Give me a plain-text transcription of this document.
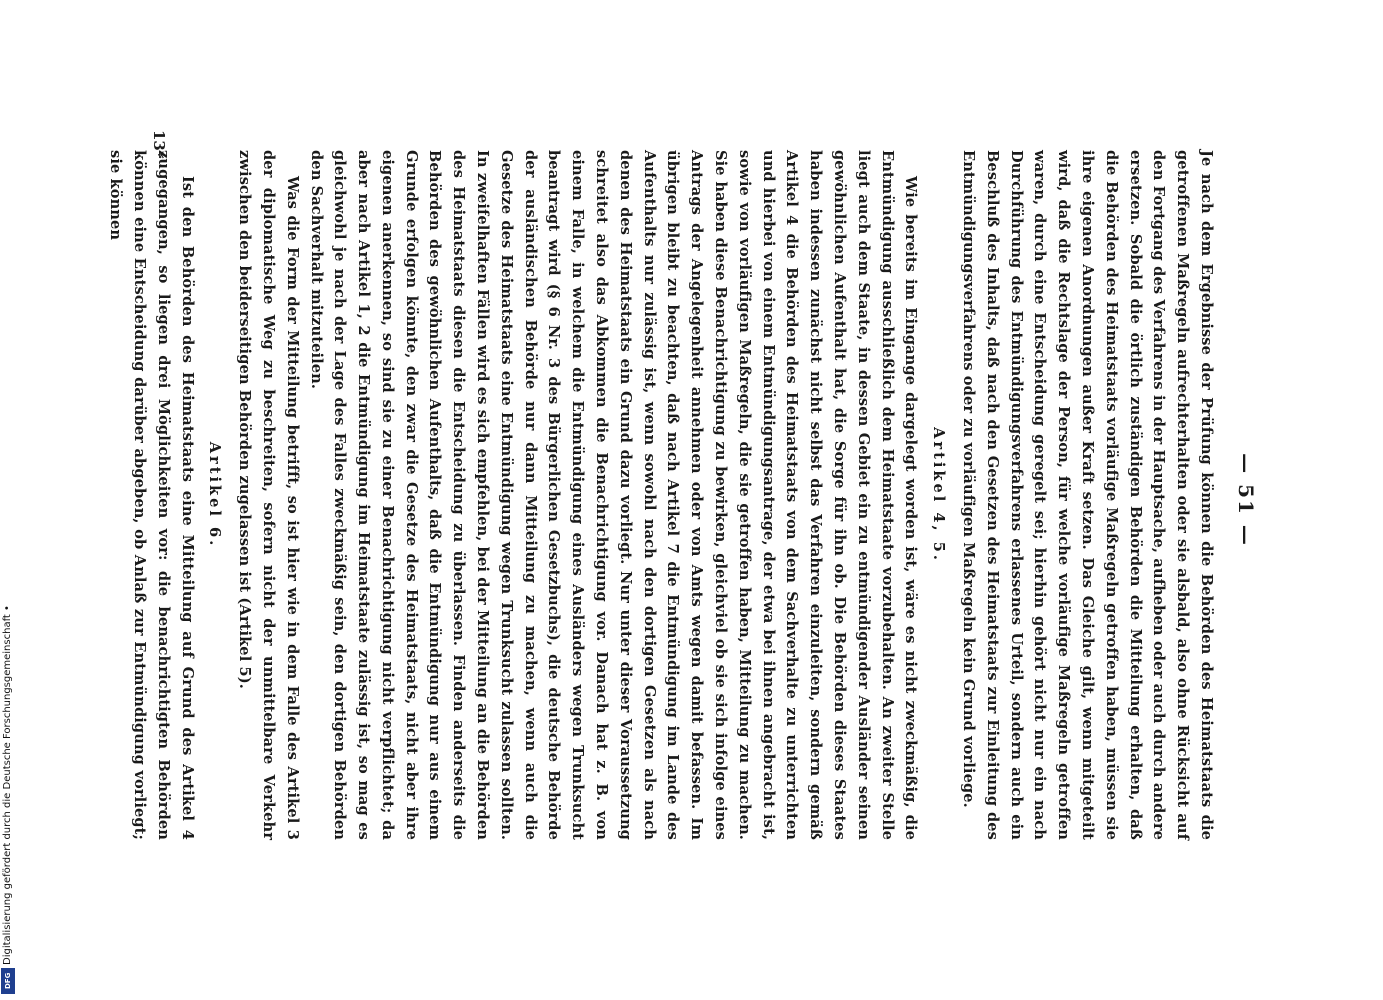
— 51 —

Je nach dem Ergebnisse der Prüfung können die Behörden des Heimatstaats die getroffenen Maßregeln aufrechterhalten oder sie alsbald, also ohne Rücksicht auf den Fortgang des Verfahrens in der Hauptsache, aufheben oder auch durch andere ersetzen. Sobald die örtlich zuständigen Behörden die Mitteilung erhalten, daß die Behörden des Heimatstaats vorläufige Maßregeln getroffen haben, müssen sie ihre eigenen Anordnungen außer Kraft setzen. Das Gleiche gilt, wenn mitgeteilt wird, daß die Rechtslage der Person, für welche vorläufige Maßregeln getroffen waren, durch eine Entscheidung geregelt sei; hierhin gehört nicht nur ein nach Durchführung des Entmündigungsverfahrens erlassenes Urteil, sondern auch ein Beschluß des Inhalts, daß nach den Gesetzen des Heimatstaats zur Einleitung des Entmündigungsverfahrens oder zu vorläufigen Maßregeln kein Grund vorliege.

Artikel 4, 5.

Wie bereits im Eingange dargelegt worden ist, wäre es nicht zweckmäßig, die Entmündigung ausschließlich dem Heimatstaate vorzubehalten. An zweiter Stelle liegt auch dem Staate, in dessen Gebiet ein zu entmündigender Ausländer seinen gewöhnlichen Aufenthalt hat, die Sorge für ihn ob. Die Behörden dieses Staates haben indessen zunächst nicht selbst das Verfahren einzuleiten, sondern gemäß Artikel 4 die Behörden des Heimatstaats von dem Sachverhalte zu unterrichten und hierbei von einem Entmündigungsantrage, der etwa bei ihnen angebracht ist, sowie von vorläufigen Maßregeln, die sie getroffen haben, Mitteilung zu machen. Sie haben diese Benachrichtigung zu bewirken, gleichviel ob sie sich infolge eines Antrags der Angelegenheit annehmen oder von Amts wegen damit befassen. Im übrigen bleibt zu beachten, daß nach Artikel 7 die Entmündigung im Lande des Aufenthalts nur zulässig ist, wenn sowohl nach den dortigen Gesetzen als nach denen des Heimatstaats ein Grund dazu vorliegt. Nur unter dieser Voraussetzung schreitet also das Abkommen die Benachrichtigung vor. Danach hat z. B. von einem Falle, in welchem die Entmündigung eines Ausländers wegen Trunksucht beantragt wird (§ 6 Nr. 3 des Bürgerlichen Gesetzbuchs), die deutsche Behörde der ausländischen Behörde nur dann Mitteilung zu machen, wenn auch die Gesetze des Heimatstaats eine Entmündigung wegen Trunksucht zulassen sollten. In zweifelhaften Fällen wird es sich empfehlen, bei der Mitteilung an die Behörden des Heimatstaats diesen die Entscheidung zu überlassen. Finden anderseits die Behörden des gewöhnlichen Aufenthalts, daß die Entmündigung nur aus einem Grunde erfolgen könnte, den zwar die Gesetze des Heimatstaats, nicht aber ihre eigenen anerkennen, so sind sie zu einer Benachrichtigung nicht verpflichtet; da aber nach Artikel 1, 2 die Entmündigung im Heimatstaate zulässig ist, so mag es gleichwohl je nach der Lage des Falles zweckmäßig sein, den dortigen Behörden den Sachverhalt mitzuteilen.

Was die Form der Mitteilung betrifft, so ist hier wie in dem Falle des Artikel 3 der diplomatische Weg zu beschreiten, sofern nicht der unmittelbare Verkehr zwischen den beiderseitigen Behörden zugelassen ist (Artikel 5).

Artikel 6.

Ist den Behörden des Heimatstaats eine Mitteilung auf Grund des Artikel 4 zugegangen, so liegen drei Möglichkeiten vor: die benachrichtigten Behörden können eine Entscheidung darüber abgeben, ob Anlaß zur Entmündigung vorliegt; sie können

13*
Digitalisierung gefördert durch die Deutsche Forschungsgemeinschaft •
DFG
